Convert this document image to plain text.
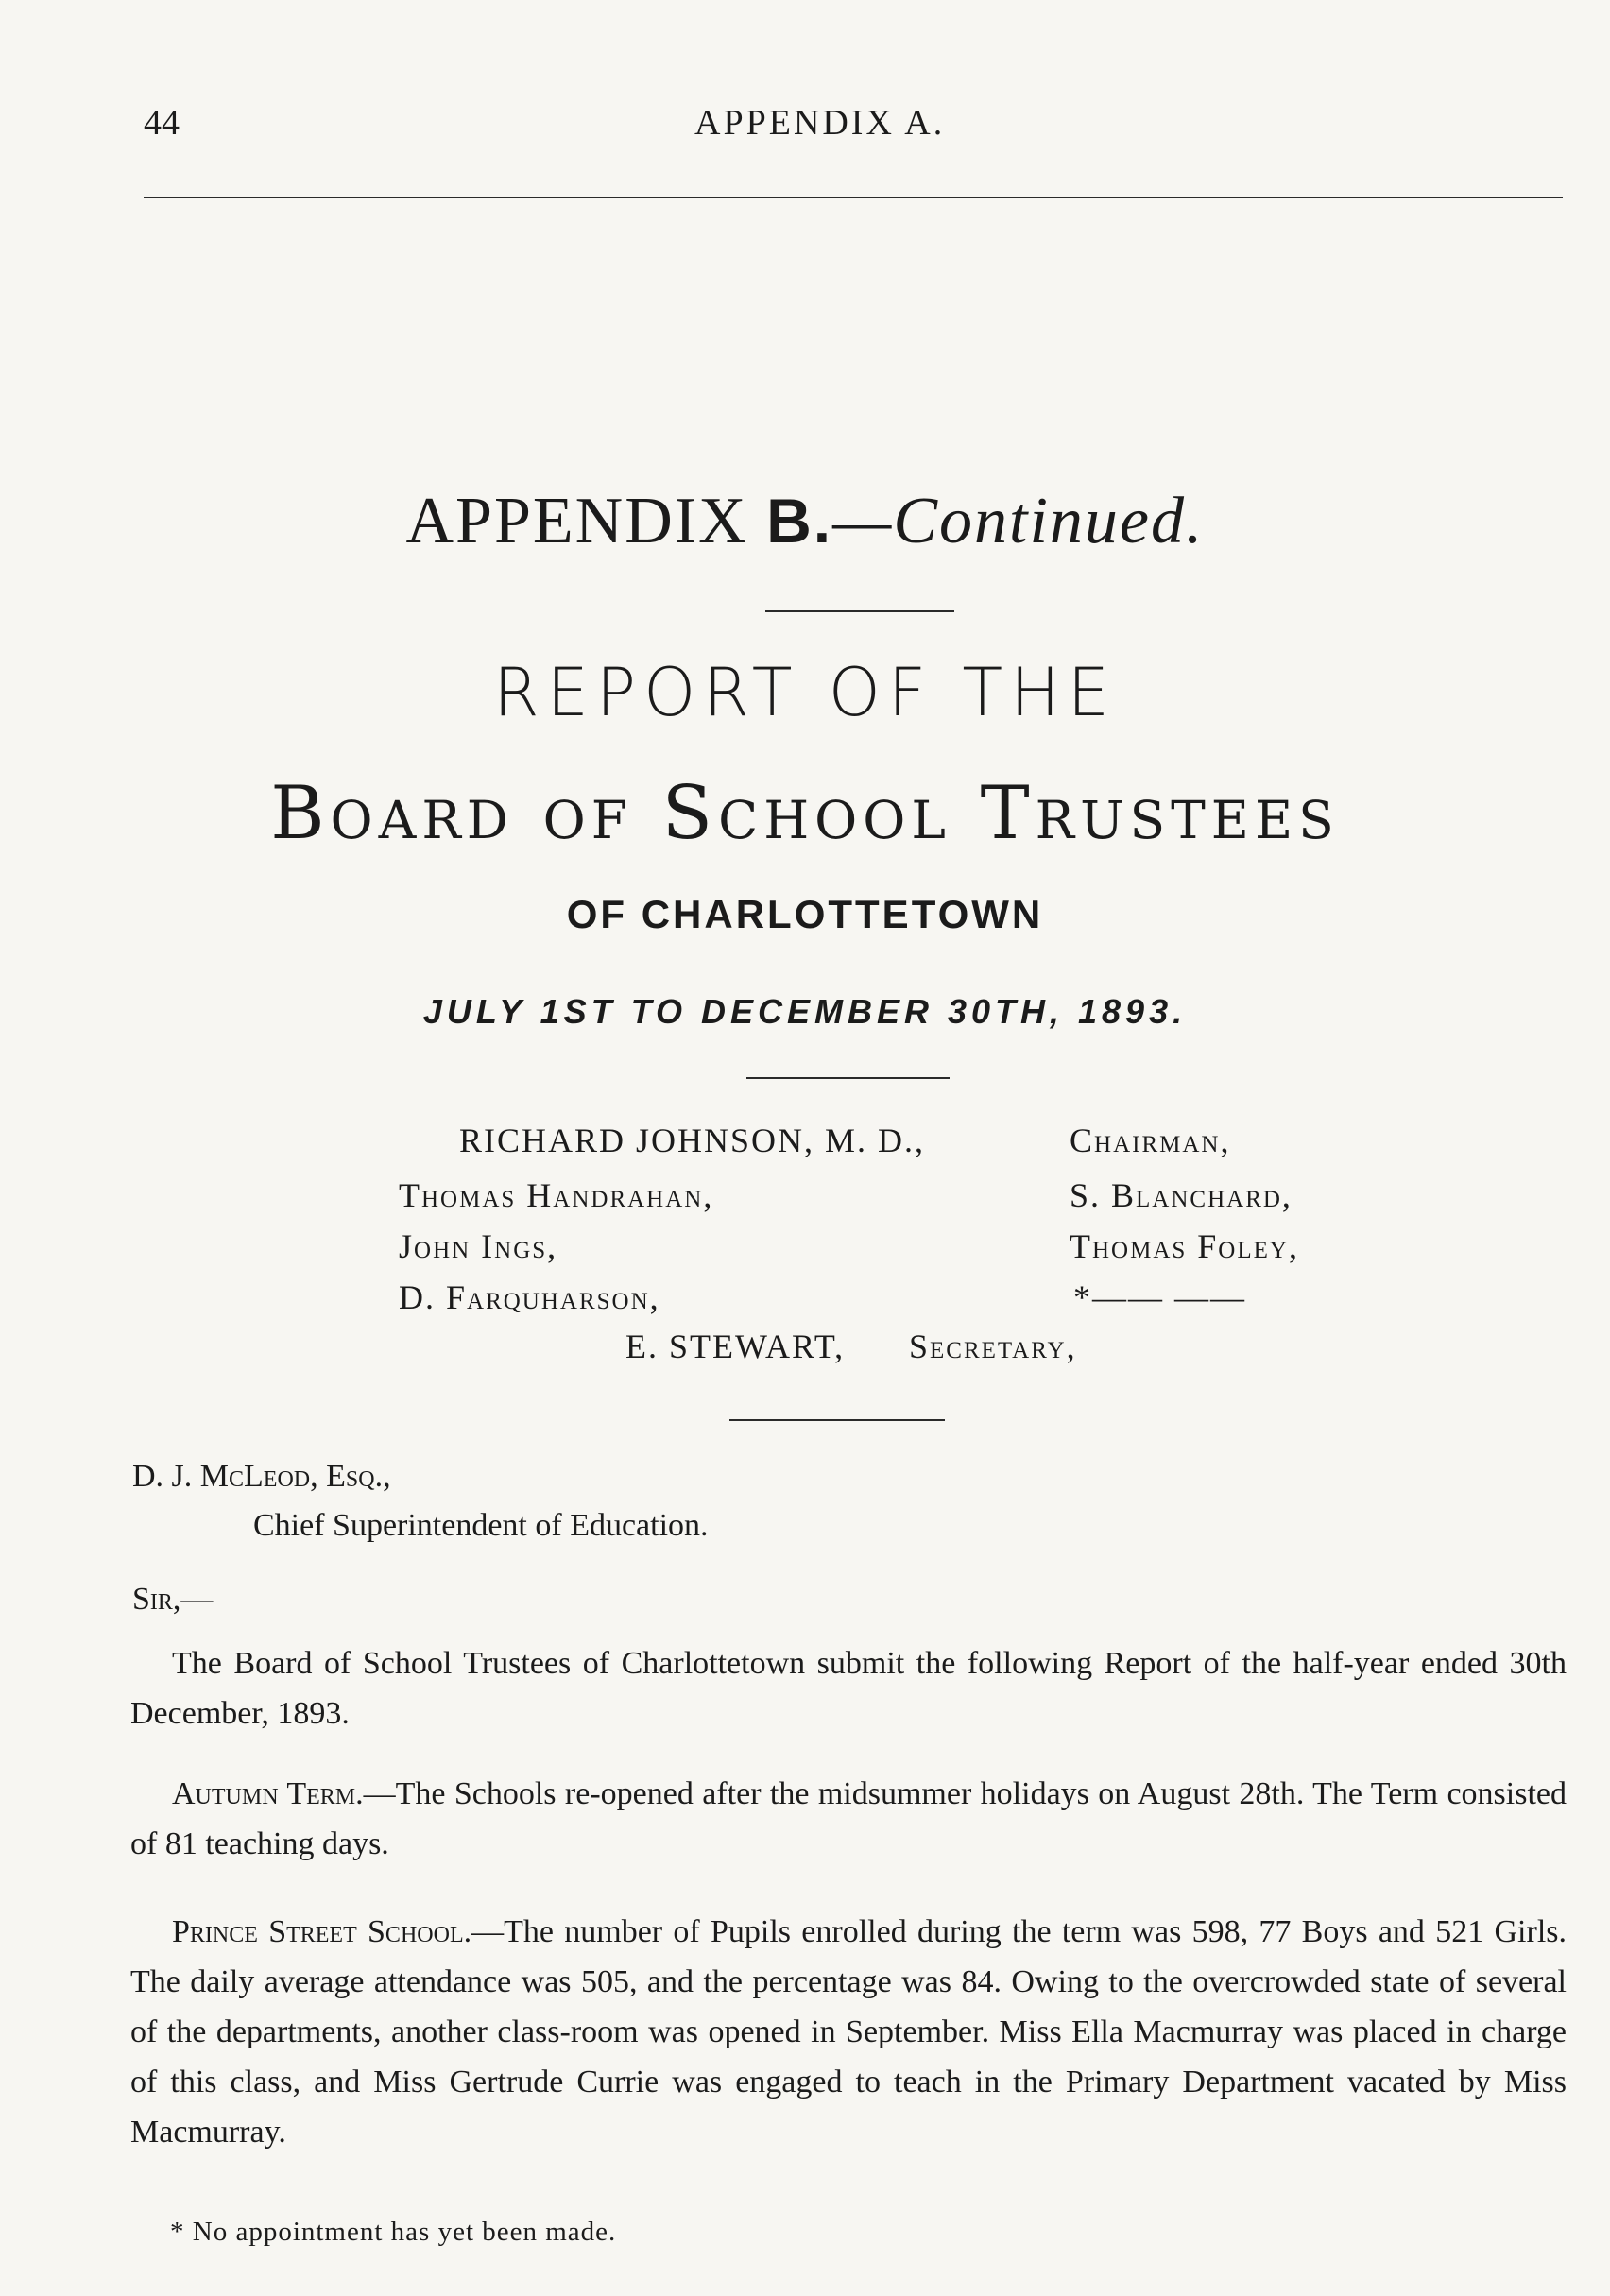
44	APPENDIX A.
APPENDIX B.—Continued.
REPORT OF THE
Board of School Trustees
OF CHARLOTTETOWN
JULY 1ST TO DECEMBER 30TH, 1893.
RICHARD JOHNSON, M. D.,	Chairman,
Thomas Handrahan,
John Ings,
D. Farquharson,
S. Blanchard,
Thomas Foley,
*—— ——
E. STEWART, Secretary,
D. J. McLeod, Esq.,
Chief Superintendent of Education.
Sir,—
The Board of School Trustees of Charlottetown submit the following Report of the half-year ended 30th December, 1893.
Autumn Term.—The Schools re-opened after the midsummer holidays on August 28th. The Term consisted of 81 teaching days.
Prince Street School.—The number of Pupils enrolled during the term was 598, 77 Boys and 521 Girls. The daily average attendance was 505, and the percentage was 84. Owing to the overcrowded state of several of the departments, another class-room was opened in September. Miss Ella Macmurray was placed in charge of this class, and Miss Gertrude Currie was engaged to teach in the Primary Department vacated by Miss Macmurray.
* No appointment has yet been made.
